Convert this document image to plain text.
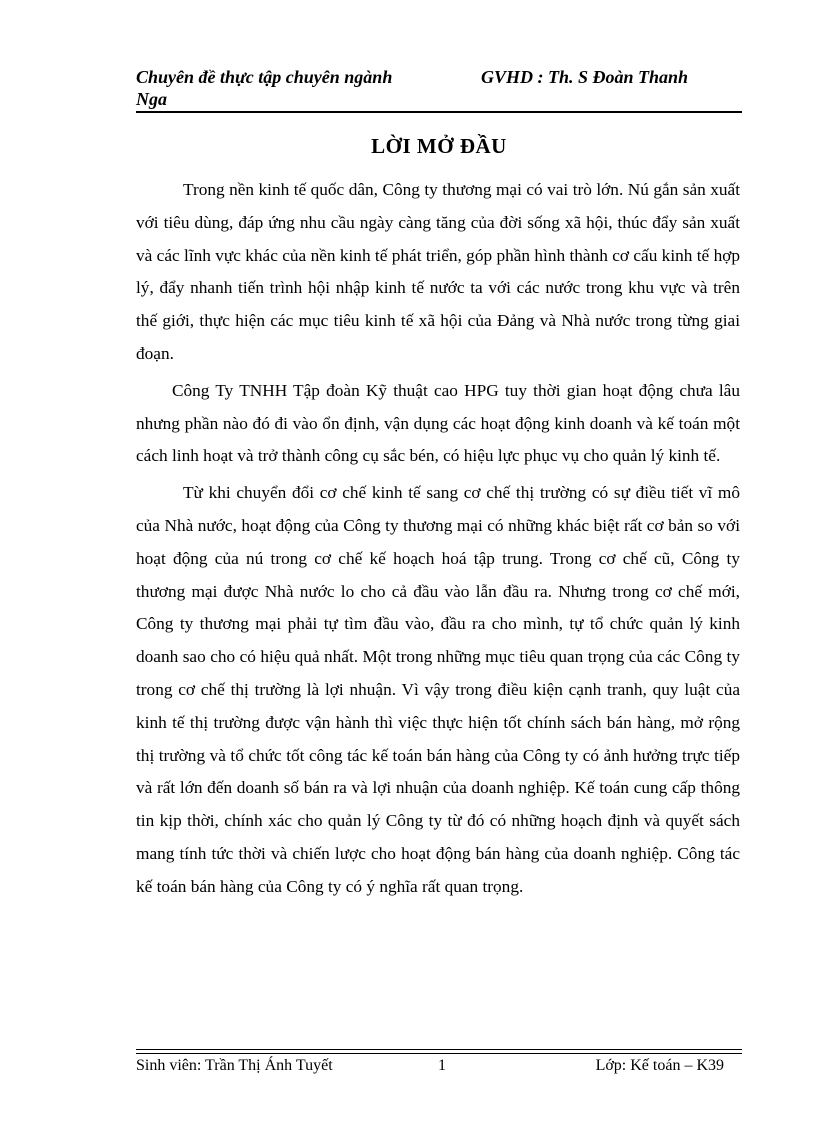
Chuyên đề thực tập chuyên ngành Nga
GVHD : Th. S Đoàn Thanh
LỜI MỞ ĐẦU

Trong nền kinh tế quốc dân, Công ty thương mại có vai trò lớn. Nú gắn sản xuất với tiêu dùng, đáp ứng nhu cầu ngày càng tăng của đời sống xã hội, thúc đẩy sản xuất và các lĩnh vực khác của nền kinh tế phát triển, góp phần hình thành cơ cấu kinh tế hợp lý, đẩy nhanh tiến trình hội nhập kinh tế nước ta với các nước trong khu vực và trên thế giới, thực hiện các mục tiêu kinh tế xã hội của Đảng và Nhà nước trong từng giai đoạn.

Công Ty TNHH Tập đoàn Kỹ thuật cao HPG tuy thời gian hoạt động chưa lâu nhưng phần nào đó đi vào ổn định, vận dụng các hoạt động kinh doanh và kế toán một cách linh hoạt và trở thành công cụ sắc bén, có hiệu lực phục vụ cho quản lý kinh tế.

Từ khi chuyển đổi cơ chế kinh tế sang cơ chế thị trường có sự điều tiết vĩ mô của Nhà nước, hoạt động của Công ty thương mại có những khác biệt rất cơ bản so với hoạt động của nú trong cơ chế kế hoạch hoá tập trung. Trong cơ chế cũ, Công ty thương mại được Nhà nước lo cho cả đầu vào lẫn đầu ra. Nhưng trong cơ chế mới, Công ty thương mại phải tự tìm đầu vào, đầu ra cho mình, tự tổ chức quản lý kinh doanh sao cho có hiệu quả nhất. Một trong những mục tiêu quan trọng của các Công ty trong cơ chế thị trường là lợi nhuận. Vì vậy trong điều kiện cạnh tranh, quy luật của kinh tế thị trường được vận hành thì việc thực hiện tốt chính sách bán hàng, mở rộng thị trường và tổ chức tốt công tác kế toán bán hàng của Công ty có ảnh hưởng trực tiếp và rất lớn đến doanh số bán ra và lợi nhuận của doanh nghiệp. Kế toán cung cấp thông tin kịp thời, chính xác cho quản lý Công ty từ đó có những hoạch định và quyết sách mang tính tức thời và chiến lược cho hoạt động bán hàng của doanh nghiệp. Công tác kế toán bán hàng của Công ty có ý nghĩa rất quan trọng.

Sinh viên: Trần Thị Ánh Tuyết	1	Lớp: Kế toán – K39
